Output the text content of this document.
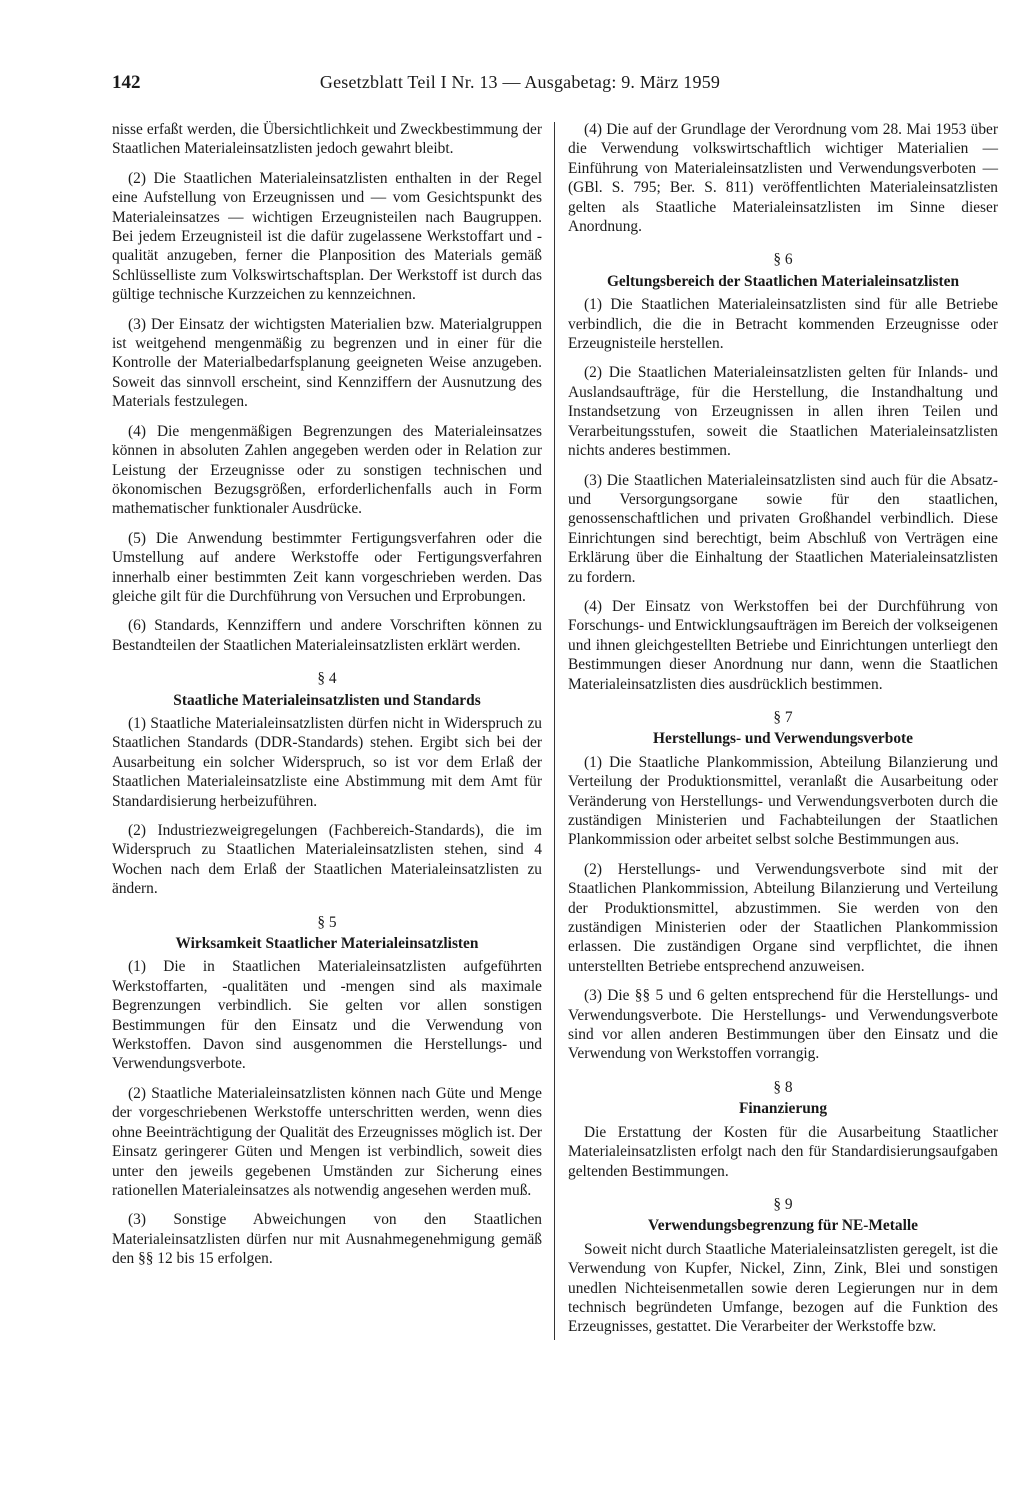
142	Gesetzblatt Teil I Nr. 13 — Ausgabetag: 9. März 1959

nisse erfaßt werden, die Übersichtlichkeit und Zweckbestimmung der Staatlichen Materialeinsatzlisten jedoch gewahrt bleibt.

(2) Die Staatlichen Materialeinsatzlisten enthalten in der Regel eine Aufstellung von Erzeugnissen und — vom Gesichtspunkt des Materialeinsatzes — wichtigen Erzeugnisteilen nach Baugruppen. Bei jedem Erzeugnisteil ist die dafür zugelassene Werkstoffart und -qualität anzugeben, ferner die Planposition des Materials gemäß Schlüsselliste zum Volkswirtschaftsplan. Der Werkstoff ist durch das gültige technische Kurzzeichen zu kennzeichnen.

(3) Der Einsatz der wichtigsten Materialien bzw. Materialgruppen ist weitgehend mengenmäßig zu begrenzen und in einer für die Kontrolle der Materialbedarfsplanung geeigneten Weise anzugeben. Soweit das sinnvoll erscheint, sind Kennziffern der Ausnutzung des Materials festzulegen.

(4) Die mengenmäßigen Begrenzungen des Materialeinsatzes können in absoluten Zahlen angegeben werden oder in Relation zur Leistung der Erzeugnisse oder zu sonstigen technischen und ökonomischen Bezugsgrößen, erforderlichenfalls auch in Form mathematischer funktionaler Ausdrücke.

(5) Die Anwendung bestimmter Fertigungsverfahren oder die Umstellung auf andere Werkstoffe oder Fertigungsverfahren innerhalb einer bestimmten Zeit kann vorgeschrieben werden. Das gleiche gilt für die Durchführung von Versuchen und Erprobungen.

(6) Standards, Kennziffern und andere Vorschriften können zu Bestandteilen der Staatlichen Materialeinsatzlisten erklärt werden.

§ 4
Staatliche Materialeinsatzlisten und Standards

(1) Staatliche Materialeinsatzlisten dürfen nicht in Widerspruch zu Staatlichen Standards (DDR-Standards) stehen. Ergibt sich bei der Ausarbeitung ein solcher Widerspruch, so ist vor dem Erlaß der Staatlichen Materialeinsatzliste eine Abstimmung mit dem Amt für Standardisierung herbeizuführen.

(2) Industriezweigregelungen (Fachbereich-Standards), die im Widerspruch zu Staatlichen Materialeinsatzlisten stehen, sind 4 Wochen nach dem Erlaß der Staatlichen Materialeinsatzlisten zu ändern.

§ 5
Wirksamkeit Staatlicher Materialeinsatzlisten

(1) Die in Staatlichen Materialeinsatzlisten aufgeführten Werkstoffarten, -qualitäten und -mengen sind als maximale Begrenzungen verbindlich. Sie gelten vor allen sonstigen Bestimmungen für den Einsatz und die Verwendung von Werkstoffen. Davon sind ausgenommen die Herstellungs- und Verwendungsverbote.

(2) Staatliche Materialeinsatzlisten können nach Güte und Menge der vorgeschriebenen Werkstoffe unterschritten werden, wenn dies ohne Beeinträchtigung der Qualität des Erzeugnisses möglich ist. Der Einsatz geringerer Güten und Mengen ist verbindlich, soweit dies unter den jeweils gegebenen Umständen zur Sicherung eines rationellen Materialeinsatzes als notwendig angesehen werden muß.

(3) Sonstige Abweichungen von den Staatlichen Materialeinsatzlisten dürfen nur mit Ausnahmegenehmigung gemäß den §§ 12 bis 15 erfolgen.

(4) Die auf der Grundlage der Verordnung vom 28. Mai 1953 über die Verwendung volkswirtschaftlich wichtiger Materialien — Einführung von Materialeinsatzlisten und Verwendungsverboten — (GBl. S. 795; Ber. S. 811) veröffentlichten Materialeinsatzlisten gelten als Staatliche Materialeinsatzlisten im Sinne dieser Anordnung.

§ 6
Geltungsbereich der Staatlichen Materialeinsatzlisten

(1) Die Staatlichen Materialeinsatzlisten sind für alle Betriebe verbindlich, die die in Betracht kommenden Erzeugnisse oder Erzeugnisteile herstellen.

(2) Die Staatlichen Materialeinsatzlisten gelten für Inlands- und Auslandsaufträge, für die Herstellung, die Instandhaltung und Instandsetzung von Erzeugnissen in allen ihren Teilen und Verarbeitungsstufen, soweit die Staatlichen Materialeinsatzlisten nichts anderes bestimmen.

(3) Die Staatlichen Materialeinsatzlisten sind auch für die Absatz- und Versorgungsorgane sowie für den staatlichen, genossenschaftlichen und privaten Großhandel verbindlich. Diese Einrichtungen sind berechtigt, beim Abschluß von Verträgen eine Erklärung über die Einhaltung der Staatlichen Materialeinsatzlisten zu fordern.

(4) Der Einsatz von Werkstoffen bei der Durchführung von Forschungs- und Entwicklungsaufträgen im Bereich der volkseigenen und ihnen gleichgestellten Betriebe und Einrichtungen unterliegt den Bestimmungen dieser Anordnung nur dann, wenn die Staatlichen Materialeinsatzlisten dies ausdrücklich bestimmen.

§ 7
Herstellungs- und Verwendungsverbote

(1) Die Staatliche Plankommission, Abteilung Bilanzierung und Verteilung der Produktionsmittel, veranlaßt die Ausarbeitung oder Veränderung von Herstellungs- und Verwendungsverboten durch die zuständigen Ministerien und Fachabteilungen der Staatlichen Plankommission oder arbeitet selbst solche Bestimmungen aus.

(2) Herstellungs- und Verwendungsverbote sind mit der Staatlichen Plankommission, Abteilung Bilanzierung und Verteilung der Produktionsmittel, abzustimmen. Sie werden von den zuständigen Ministerien oder der Staatlichen Plankommission erlassen. Die zuständigen Organe sind verpflichtet, die ihnen unterstellten Betriebe entsprechend anzuweisen.

(3) Die §§ 5 und 6 gelten entsprechend für die Herstellungs- und Verwendungsverbote. Die Herstellungs- und Verwendungsverbote sind vor allen anderen Bestimmungen über den Einsatz und die Verwendung von Werkstoffen vorrangig.

§ 8
Finanzierung

Die Erstattung der Kosten für die Ausarbeitung Staatlicher Materialeinsatzlisten erfolgt nach den für Standardisierungsaufgaben geltenden Bestimmungen.

§ 9
Verwendungsbegrenzung für NE-Metalle

Soweit nicht durch Staatliche Materialeinsatzlisten geregelt, ist die Verwendung von Kupfer, Nickel, Zinn, Zink, Blei und sonstigen unedlen Nichteisenmetallen sowie deren Legierungen nur in dem technisch begründeten Umfange, bezogen auf die Funktion des Erzeugnisses, gestattet. Die Verarbeiter der Werkstoffe bzw.
